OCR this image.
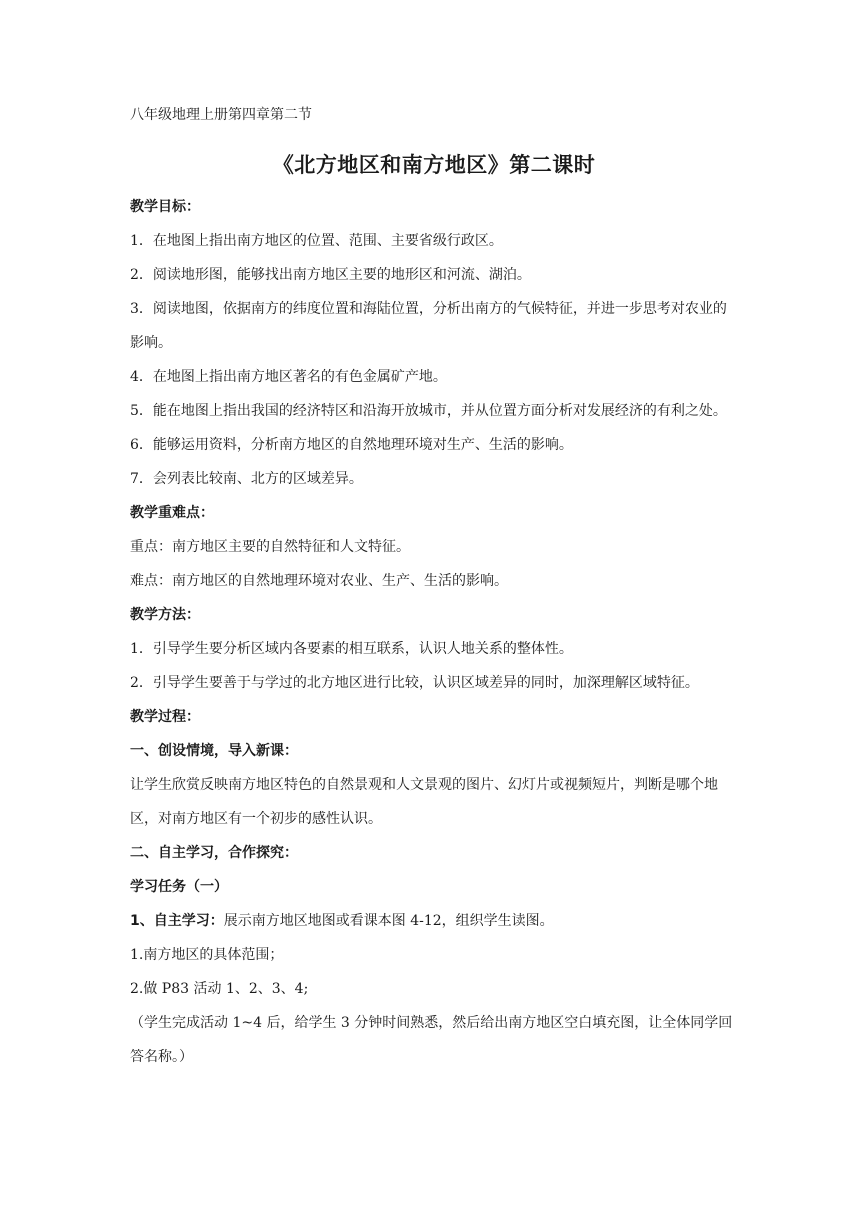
八年级地理上册第四章第二节
《北方地区和南方地区》第二课时
教学目标：
1．在地图上指出南方地区的位置、范围、主要省级行政区。
2．阅读地形图，能够找出南方地区主要的地形区和河流、湖泊。
3．阅读地图，依据南方的纬度位置和海陆位置，分析出南方的气候特征，并进一步思考对农业的影响。
4．在地图上指出南方地区著名的有色金属矿产地。
5．能在地图上指出我国的经济特区和沿海开放城市，并从位置方面分析对发展经济的有利之处。
6．能够运用资料，分析南方地区的自然地理环境对生产、生活的影响。
7．会列表比较南、北方的区域差异。
教学重难点：
重点：南方地区主要的自然特征和人文特征。
难点：南方地区的自然地理环境对农业、生产、生活的影响。
教学方法：
1．引导学生要分析区域内各要素的相互联系，认识人地关系的整体性。
2．引导学生要善于与学过的北方地区进行比较，认识区域差异的同时，加深理解区域特征。
教学过程：
一、创设情境，导入新课：
让学生欣赏反映南方地区特色的自然景观和人文景观的图片、幻灯片或视频短片，判断是哪个地区，对南方地区有一个初步的感性认识。
二、自主学习，合作探究：
学习任务（一）
1、自主学习：展示南方地区地图或看课本图 4-12，组织学生读图。
1.南方地区的具体范围；
2.做 P83 活动 1、2、3、4;
（学生完成活动 1~4 后，给学生 3 分钟时间熟悉，然后给出南方地区空白填充图，让全体同学回答名称。）
